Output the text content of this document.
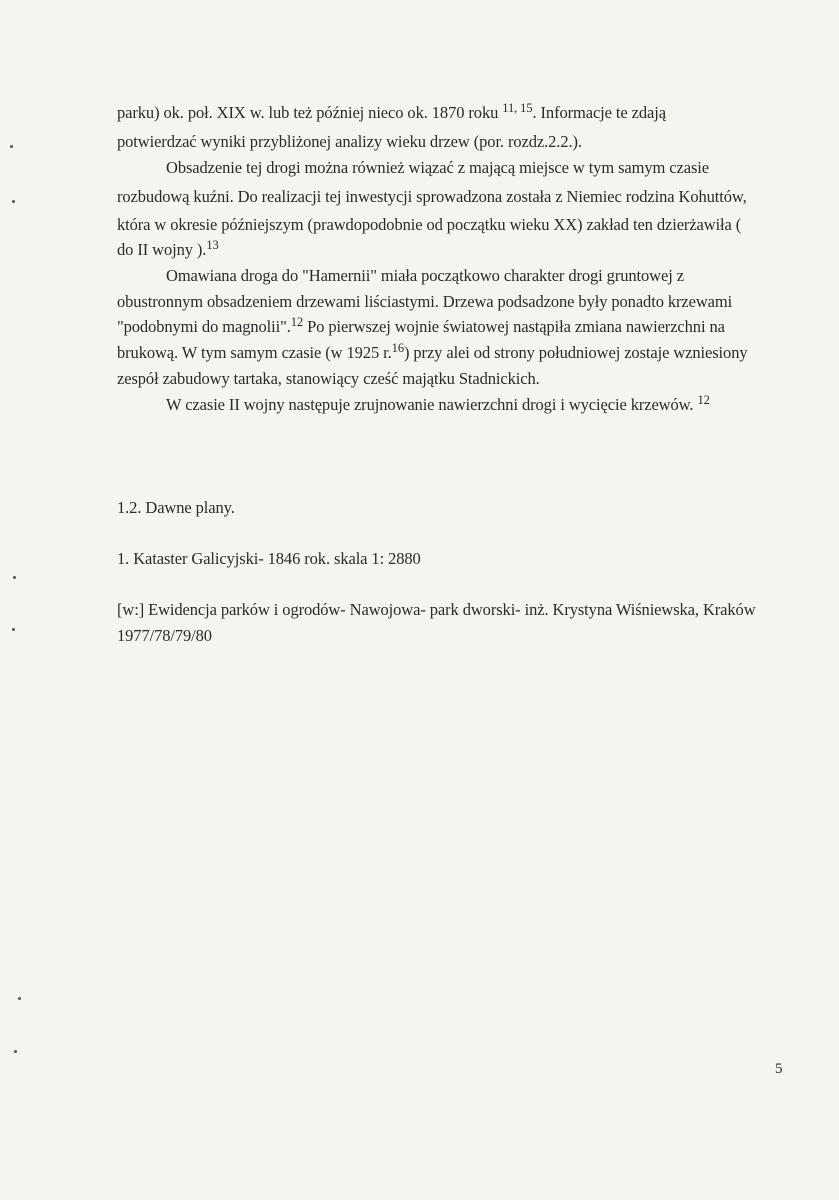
parku) ok. poł. XIX w. lub też później nieco ok. 1870 roku $^{11, 15}$. Informacje te zdają
potwierdzać wyniki przybliżonej analizy wieku drzew (por. rozdz.2.2.).
Obsadzenie tej drogi można również wiązać z mającą miejsce w tym samym czasie
rozbudową kuźni. Do realizacji tej inwestycji sprowadzona została z Niemiec rodzina Kohuttów,
która w okresie późniejszym (prawdopodobnie od początku wieku XX) zakład ten dzierżawiła (
do II wojny ).$^{13}$
Omawiana droga do "Hamernii" miała początkowo charakter drogi gruntowej z
obustronnym obsadzeniem drzewami liściastymi. Drzewa podsadzone były ponadto krzewami
"podobnymi do magnolii".$^{12}$ Po pierwszej wojnie światowej nastąpiła zmiana nawierzchni na
brukową. W tym samym czasie (w 1925 r.$^{16}$) przy alei od strony południowej zostaje wzniesiony
zespół zabudowy tartaka, stanowiący cześć majątku Stadnickich.
W czasie II wojny następuje zrujnowanie nawierzchni drogi i wycięcie krzewów. $^{12}$
1.2. Dawne plany.
1. Kataster Galicyjski- 1846 rok. skala 1: 2880
[w:] Ewidencja parków i ogrodów- Nawojowa- park dworski- inż. Krystyna Wiśniewska, Kraków
1977/78/79/80
5
